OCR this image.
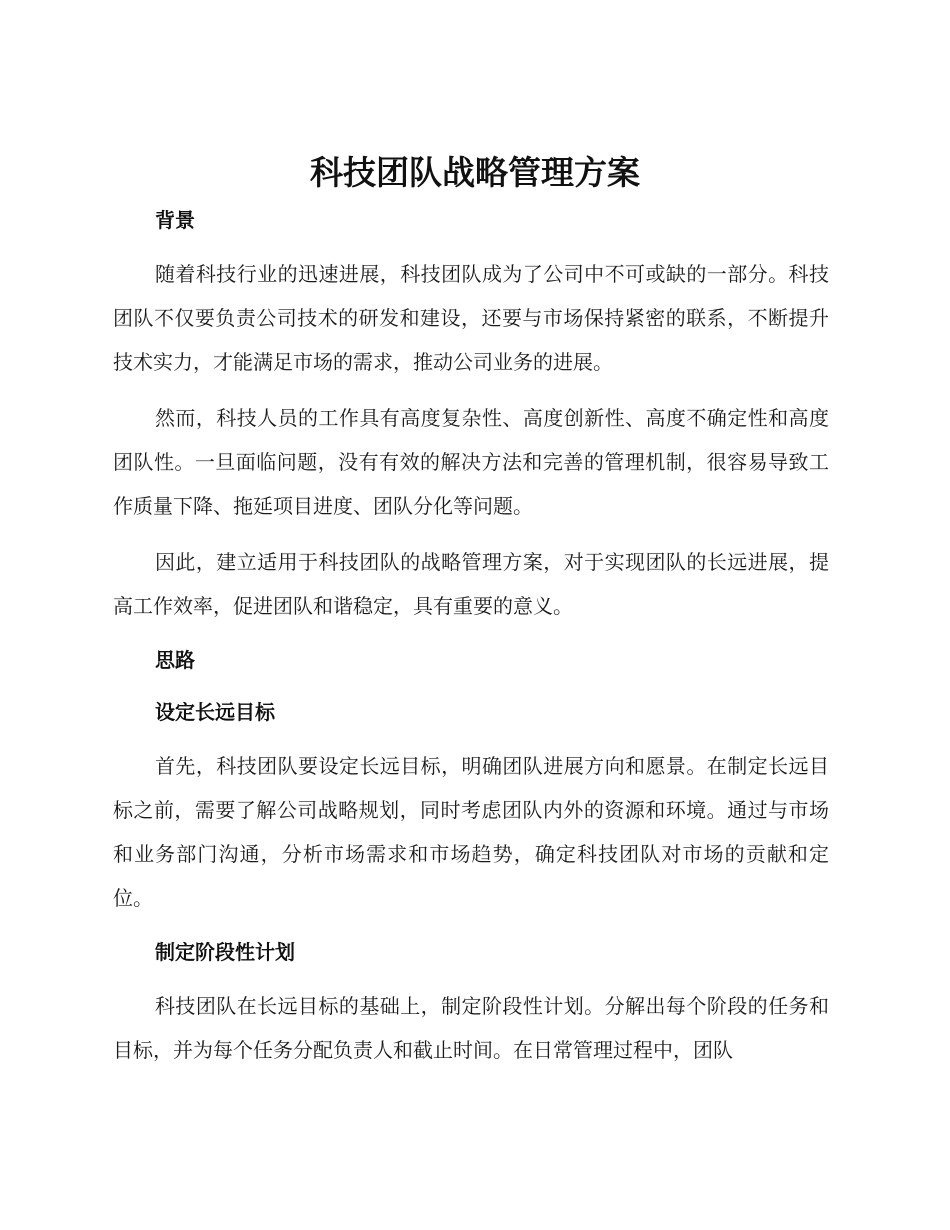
科技团队战略管理方案
背景

随着科技行业的迅速进展，科技团队成为了公司中不可或缺的一部分。科技团队不仅要负责公司技术的研发和建设，还要与市场保持紧密的联系，不断提升技术实力，才能满足市场的需求，推动公司业务的进展。

然而，科技人员的工作具有高度复杂性、高度创新性、高度不确定性和高度团队性。一旦面临问题，没有有效的解决方法和完善的管理机制，很容易导致工作质量下降、拖延项目进度、团队分化等问题。

因此，建立适用于科技团队的战略管理方案，对于实现团队的长远进展，提高工作效率，促进团队和谐稳定，具有重要的意义。

思路
设定长远目标

首先，科技团队要设定长远目标，明确团队进展方向和愿景。在制定长远目标之前，需要了解公司战略规划，同时考虑团队内外的资源和环境。通过与市场和业务部门沟通，分析市场需求和市场趋势，确定科技团队对市场的贡献和定位。

制定阶段性计划

科技团队在长远目标的基础上，制定阶段性计划。分解出每个阶段的任务和目标，并为每个任务分配负责人和截止时间。在日常管理过程中，团队
